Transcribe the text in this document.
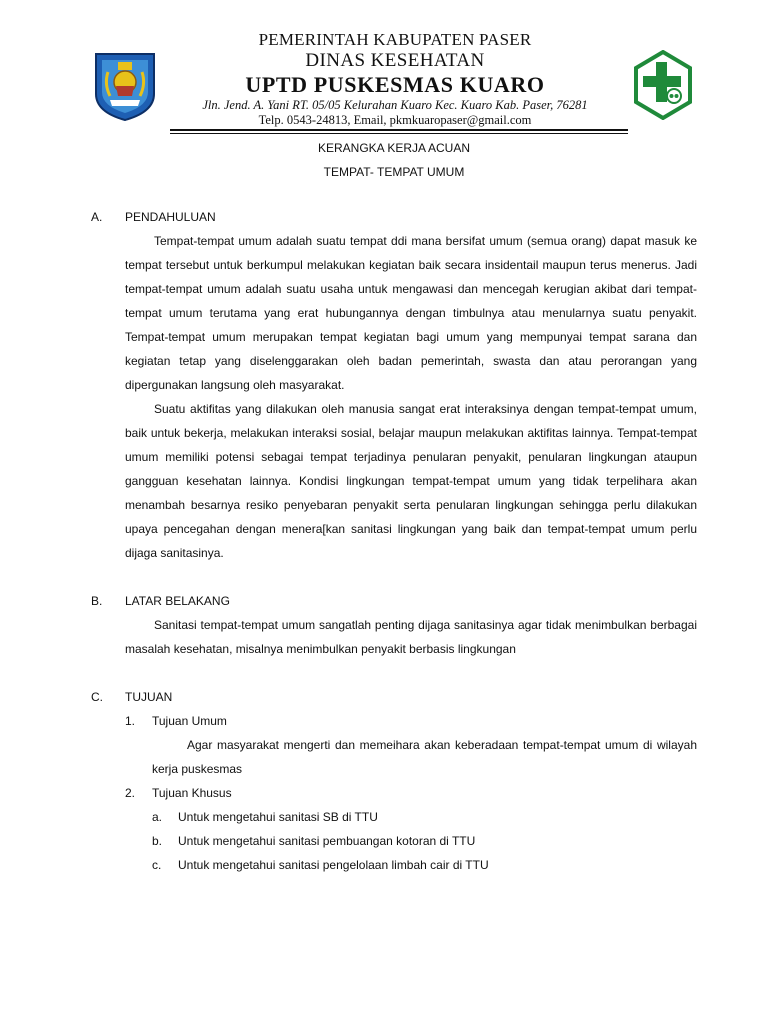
PEMERINTAH KABUPATEN PASER
DINAS KESEHATAN
UPTD PUSKESMAS KUARO
Jln. Jend. A. Yani RT. 05/05 Kelurahan Kuaro Kec. Kuaro Kab. Paser, 76281
Telp. 0543-24813, Email, pkmkuaropaser@gmail.com
KERANGKA KERJA ACUAN
TEMPAT- TEMPAT UMUM
A. PENDAHULUAN

Tempat-tempat umum adalah suatu tempat ddi mana bersifat umum (semua orang) dapat masuk ke tempat tersebut untuk berkumpul melakukan kegiatan baik secara insidentail maupun terus menerus. Jadi tempat-tempat umum adalah suatu usaha untuk mengawasi dan mencegah kerugian akibat dari tempat-tempat umum terutama yang erat hubungannya dengan timbulnya atau menularnya suatu penyakit. Tempat-tempat umum merupakan tempat kegiatan bagi umum yang mempunyai tempat sarana dan kegiatan tetap yang diselenggarakan oleh badan pemerintah, swasta dan atau perorangan yang dipergunakan langsung oleh masyarakat.

Suatu aktifitas yang dilakukan oleh manusia sangat erat interaksinya dengan tempat-tempat umum, baik untuk bekerja, melakukan interaksi sosial, belajar maupun melakukan aktifitas lainnya. Tempat-tempat umum memiliki potensi sebagai tempat terjadinya penularan penyakit, penularan lingkungan ataupun gangguan kesehatan lainnya. Kondisi lingkungan tempat-tempat umum yang tidak terpelihara akan menambah besarnya resiko penyebaran penyakit serta penularan lingkungan sehingga perlu dilakukan upaya pencegahan dengan menera[kan sanitasi lingkungan yang baik dan tempat-tempat umum perlu dijaga sanitasinya.

B. LATAR BELAKANG

Sanitasi tempat-tempat umum sangatlah penting dijaga sanitasinya agar tidak menimbulkan berbagai masalah kesehatan, misalnya menimbulkan penyakit berbasis lingkungan

C. TUJUAN
1. Tujuan Umum

Agar masyarakat mengerti dan memeihara akan keberadaan tempat-tempat umum di wilayah kerja puskesmas

2. Tujuan Khusus
a. Untuk mengetahui sanitasi SB di TTU
b. Untuk mengetahui sanitasi pembuangan kotoran di TTU
c. Untuk mengetahui sanitasi pengelolaan limbah cair di TTU
